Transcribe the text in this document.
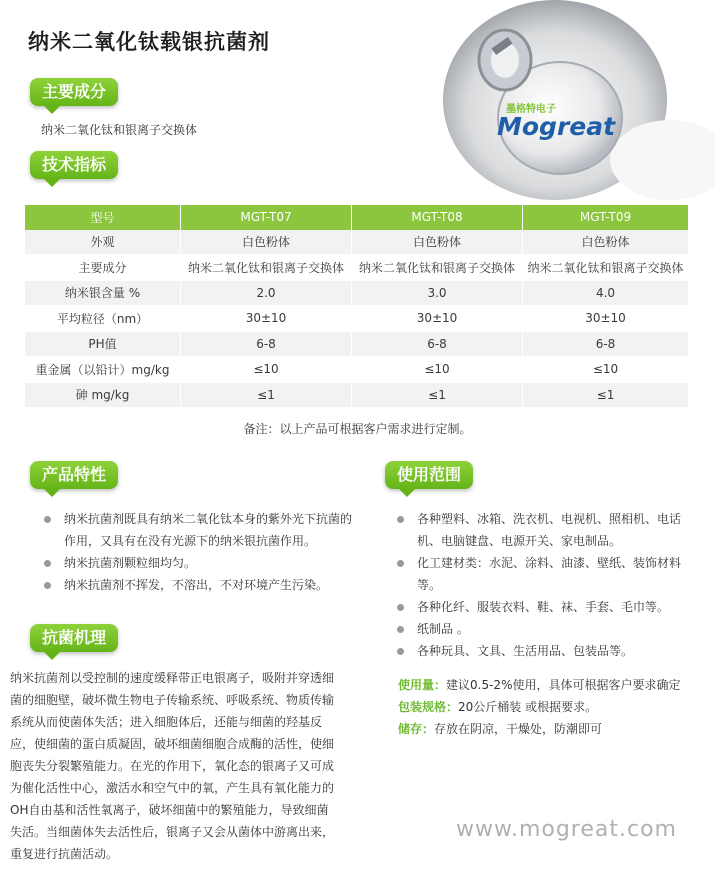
纳米二氧化钛载银抗菌剂
墨格特电子
Mogreat
主要成分
纳米二氧化钛和银离子交换体
技术指标
型号	MGT-T07	MGT-T08	MGT-T09
外观	白色粉体	白色粉体	白色粉体
主要成分	纳米二氧化钛和银离子交换体	纳米二氧化钛和银离子交换体	纳米二氧化钛和银离子交换体
纳米银含量 %	2.0	3.0	4.0
平均粒径（nm）	30±10	30±10	30±10
PH值	6-8	6-8	6-8
重金属（以铅计）mg/kg	≤10	≤10	≤10
砷 mg/kg	≤1	≤1	≤1
备注：以上产品可根据客户需求进行定制。
产品特性
纳米抗菌剂既具有纳米二氧化钛本身的紫外光下抗菌的作用，又具有在没有光源下的纳米银抗菌作用。
纳米抗菌剂颗粒细均匀。
纳米抗菌剂不挥发，不溶出，不对环境产生污染。
使用范围
各种塑料、冰箱、洗衣机、电视机、照相机、电话机、电脑键盘、电源开关、家电制品。
化工建材类：水泥、涂料、油漆、壁纸、装饰材料等。
各种化纤、服装衣料、鞋、袜、手套、毛巾等。
纸制品 。
各种玩具、文具、生活用品、包装品等。
抗菌机理
纳米抗菌剂以受控制的速度缓释带正电银离子，吸附并穿透细菌的细胞壁，破坏微生物电子传输系统、呼吸系统、物质传输系统从而使菌体失活；进入细胞体后，还能与细菌的羟基反应，使细菌的蛋白质凝固，破坏细菌细胞合成酶的活性，使细胞丧失分裂繁殖能力。在光的作用下，氧化态的银离子又可成为催化活性中心，激活水和空气中的氧，产生具有氧化能力的OH自由基和活性氧离子，破坏细菌中的繁殖能力，导致细菌失活。当细菌体失去活性后，银离子又会从菌体中游离出来，重复进行抗菌活动。
使用量：建议0.5-2%使用，具体可根据客户要求确定
包装规格：20公斤桶装 或根据要求。
储存：存放在阴凉，干燥处，防潮即可
www.mogreat.com
